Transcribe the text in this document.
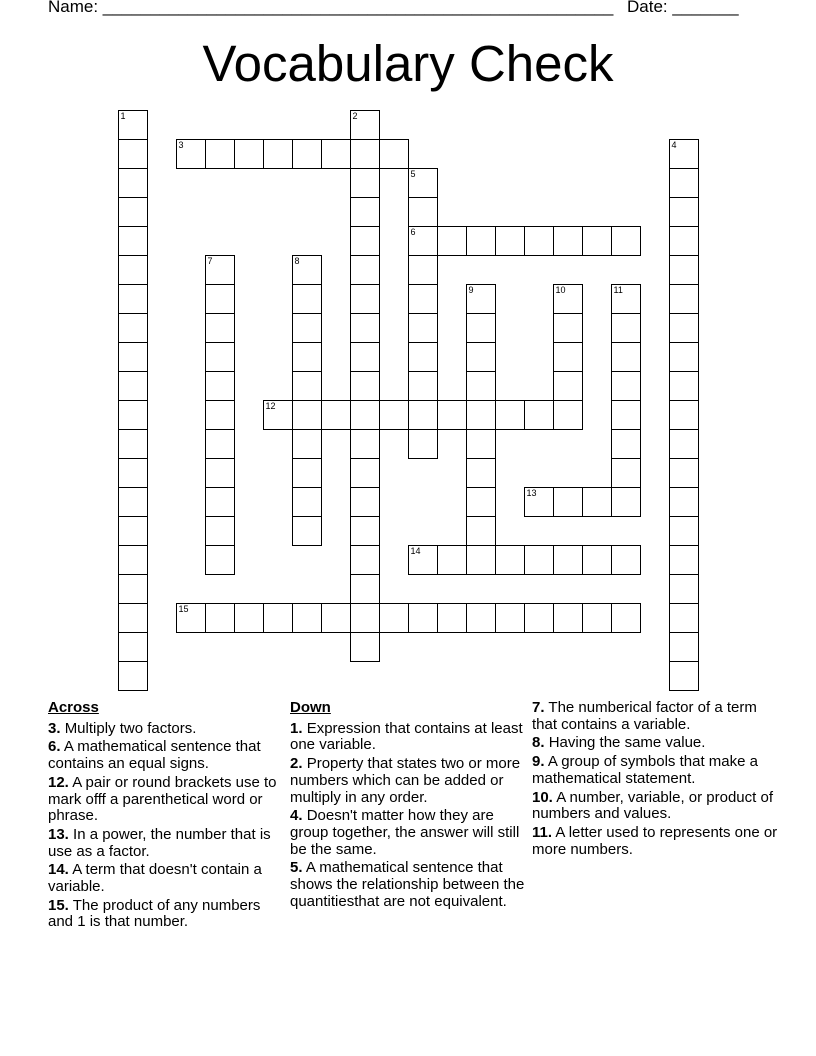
Name: ______________________________________________________ Date: _______
Vocabulary Check
1	2
3	4
5
6
7	8
9	10	11
12
13
14
15
Across
3. Multiply two factors.
6. A mathematical sentence that contains an equal signs.
12. A pair or round brackets use to mark offf a parenthetical word or phrase.
13. In a power, the number that is use as a factor.
14. A term that doesn't contain a variable.
15. The product of any numbers and 1 is that number.
Down
1. Expression that contains at least one variable.
2. Property that states two or more numbers which can be added or multiply in any order.
4. Doesn't matter how they are group together, the answer will still be the same.
5. A mathematical sentence that shows the relationship between the quantitiesthat are not equivalent.
7. The numberical factor of a term that contains a variable.
8. Having the same value.
9. A group of symbols that make a mathematical statement.
10. A number, variable, or product of numbers and values.
11. A letter used to represents one or more numbers.
